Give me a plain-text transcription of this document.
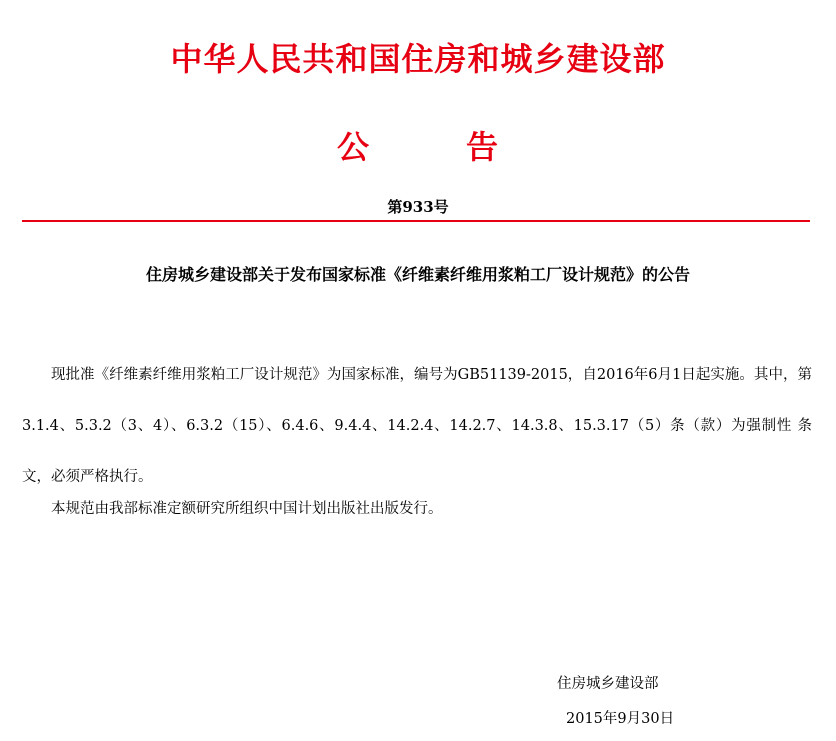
中华人民共和国住房和城乡建设部
公	告
第933号
住房城乡建设部关于发布国家标准《纤维素纤维用浆粕工厂设计规范》的公告

现批准《纤维素纤维用浆粕工厂设计规范》为国家标准，编号为GB51139-2015，自2016年6月1日起实施。其中，第3.1.4、5.3.2（3、4）、6.3.2（15）、6.4.6、9.4.4、14.2.4、14.2.7、14.3.8、15.3.17（5）条（款）为强制性 条文，必须严格执行。

本规范由我部标准定额研究所组织中国计划出版社出版发行。

住房城乡建设部
2015年9月30日
